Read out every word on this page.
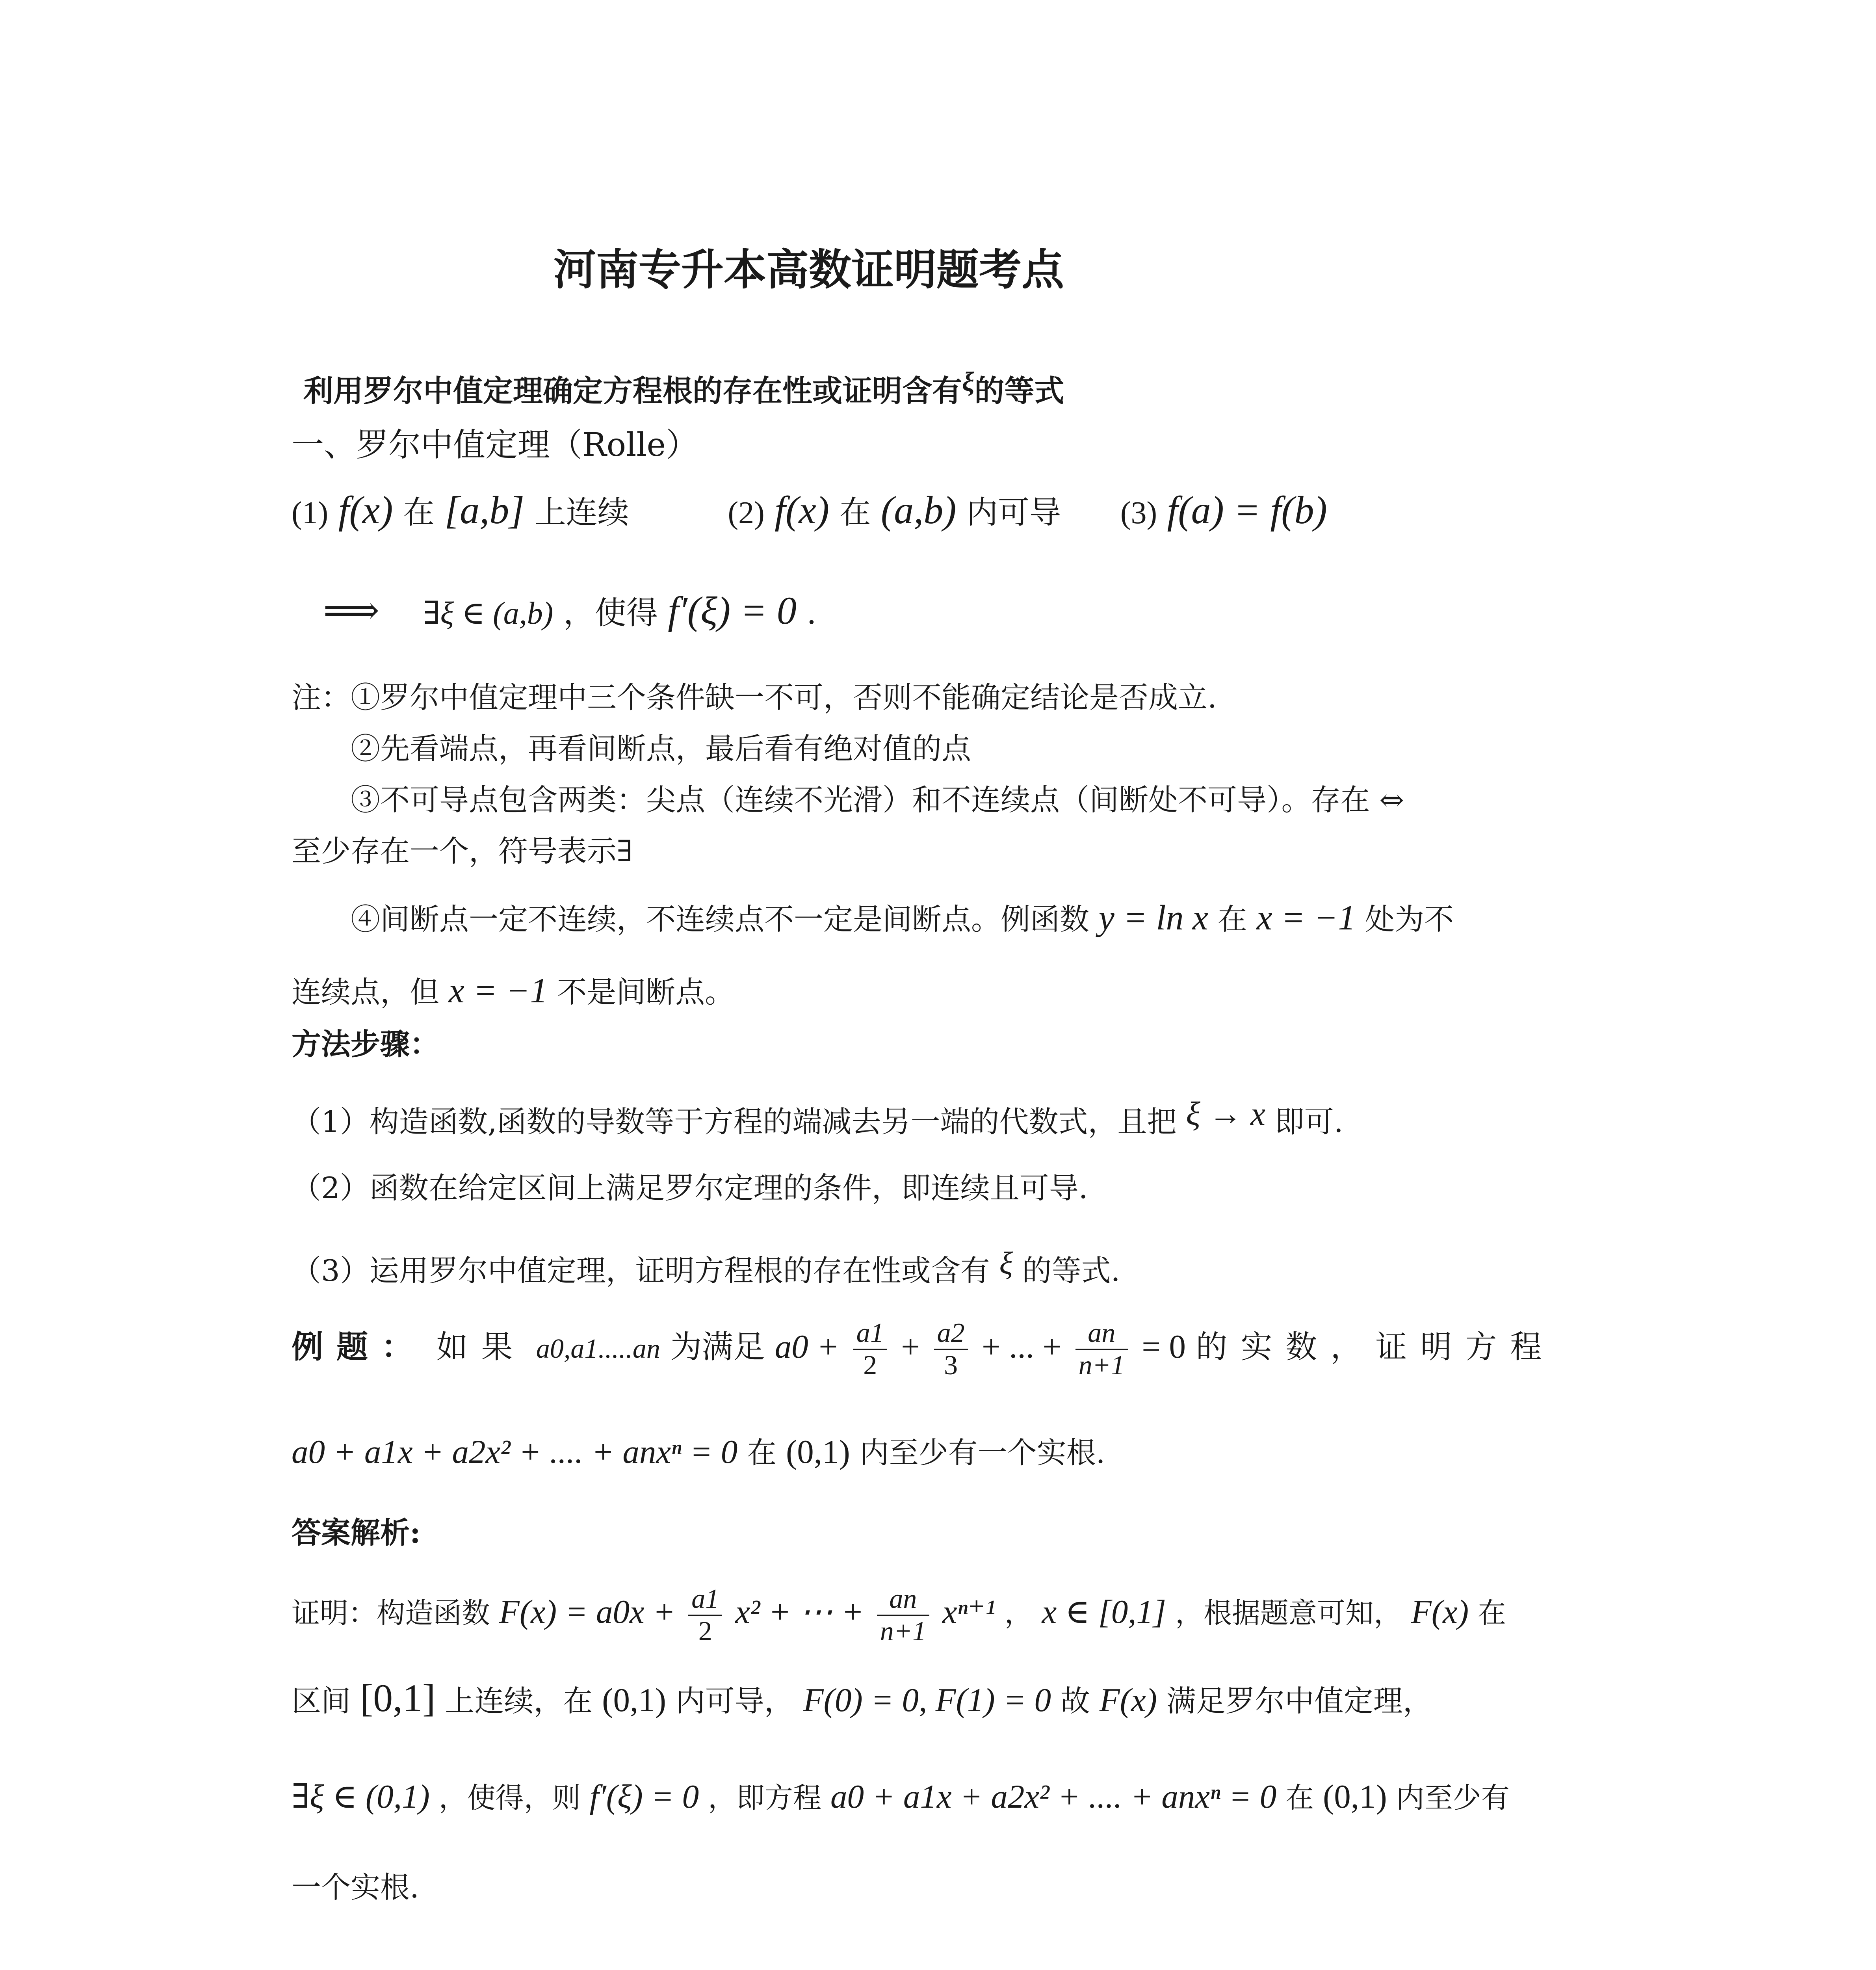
河南专升本高数证明题考点
利用罗尔中值定理确定方程根的存在性或证明含有$^\xi$的等式
一、罗尔中值定理（Rolle）
(1) f(x) 在 [a,b] 上连续	(2) f(x) 在 (a,b) 内可导 (3) f(a) = f(b)
⟹ ∃ξ ∈ (a,b) ，使得 f′(ξ) = 0 .
注：①罗尔中值定理中三个条件缺一不可，否则不能确定结论是否成立.
②先看端点，再看间断点，最后看有绝对值的点
③不可导点包含两类：尖点（连续不光滑）和不连续点（间断处不可导）。存在 ⇔
至少存在一个，符号表示∃
④间断点一定不连续，不连续点不一定是间断点。例函数 y = ln x 在 x = −1 处为不
连续点，但 x = −1 不是间断点。
方法步骤：
（1）构造函数,函数的导数等于方程的端减去另一端的代数式，且把 ξ → x 即可.
（2）函数在给定区间上满足罗尔定理的条件，即连续且可导.
（3）运用罗尔中值定理，证明方程根的存在性或含有 ξ 的等式.
例题： 如果 a0,a1.....an 为满足 $a0 + \frac{a1}{2} + \frac{a2}{3}$ + ... + $\frac{an}{n+1} = 0$ 的实数，证明方程
a0 + a1x + a2x² + .... + anxⁿ = 0 在 (0,1) 内至少有一个实根.
答案解析:
证明：构造函数 $F(x) = a0x + \frac{a1}{2} x^2$ + ⋯ + $\frac{an}{n+1} x^{n+1}$ ， x ∈ [0,1] ，根据题意可知， F(x) 在
区间 [0,1] 上连续，在 (0,1) 内可导， F(0) = 0, F(1) = 0 故 F(x) 满足罗尔中值定理，
∃ξ ∈ (0,1) ，使得，则 f′(ξ) = 0 ，即方程 a0 + a1x + a2x² + .... + anxⁿ = 0 在 (0,1) 内至少有
一个实根.
